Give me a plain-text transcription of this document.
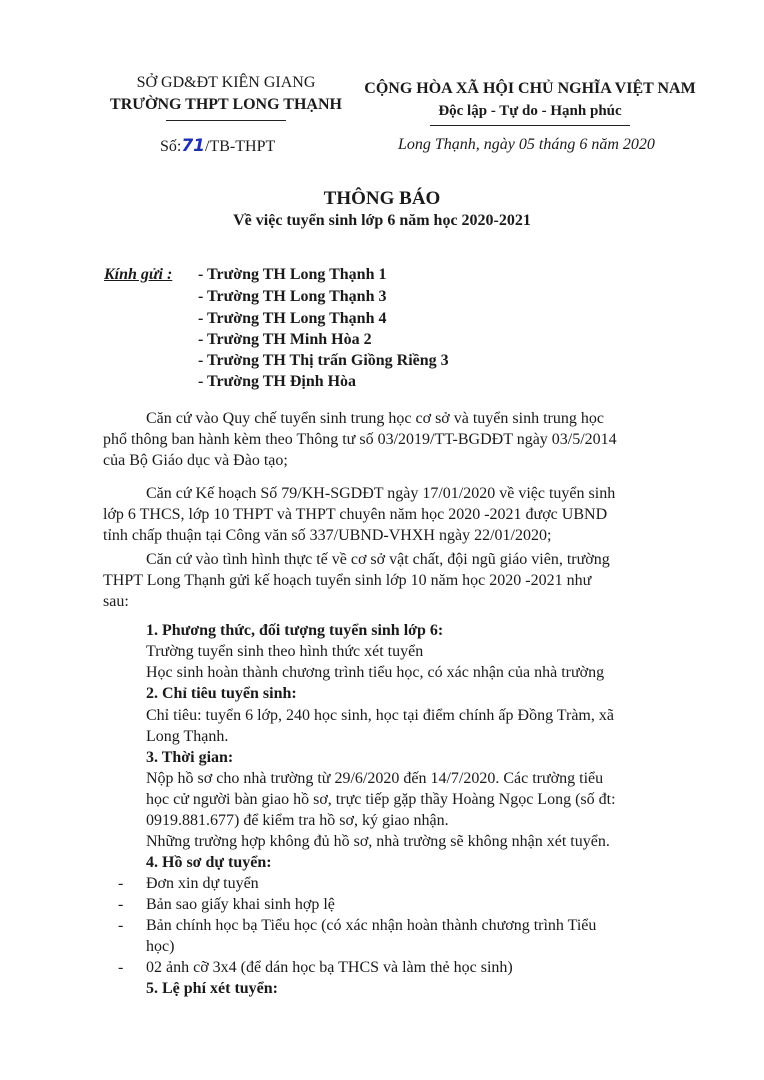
SỞ GD&ĐT KIÊN GIANG
TRƯỜNG THPT LONG THẠNH
Số:71/TB-THPT
CỘNG HÒA XÃ HỘI CHỦ NGHĨA VIỆT NAM
Độc lập - Tự do - Hạnh phúc
Long Thạnh, ngày 05 tháng 6 năm 2020
THÔNG BÁO
Về việc tuyển sinh lớp 6 năm học 2020-2021
Kính gửi : - Trường TH Long Thạnh 1
- Trường TH Long Thạnh 3
- Trường TH Long Thạnh 4
- Trường TH Minh Hòa 2
- Trường TH Thị trấn Giồng Riềng 3
- Trường TH Định Hòa
Căn cứ vào Quy chế tuyển sinh trung học cơ sở và tuyển sinh trung học
phổ thông ban hành kèm theo Thông tư số 03/2019/TT-BGDĐT ngày 03/5/2014
của Bộ Giáo dục và Đào tạo;
Căn cứ Kế hoạch Số 79/KH-SGDĐT ngày 17/01/2020 về việc tuyển sinh
lớp 6 THCS, lớp 10 THPT và THPT chuyên năm học 2020 -2021 được UBND
tỉnh chấp thuận tại Công văn số 337/UBND-VHXH ngày 22/01/2020;
Căn cứ vào tình hình thực tế về cơ sở vật chất, đội ngũ giáo viên, trường
THPT Long Thạnh gửi kế hoạch tuyển sinh lớp 10 năm học 2020 -2021 như
sau:
1. Phương thức, đối tượng tuyển sinh lớp 6:
Trường tuyển sinh theo hình thức xét tuyển
Học sinh hoàn thành chương trình tiểu học, có xác nhận của nhà trường
2. Chỉ tiêu tuyển sinh:
Chỉ tiêu: tuyển 6 lớp, 240 học sinh, học tại điểm chính ấp Đồng Tràm, xã
Long Thạnh.
3. Thời gian:
Nộp hồ sơ cho nhà trường từ 29/6/2020 đến 14/7/2020. Các trường tiểu
học cử người bàn giao hồ sơ, trực tiếp gặp thầy Hoàng Ngọc Long (số đt:
0919.881.677) để kiểm tra hồ sơ, ký giao nhận.
Những trường hợp không đủ hồ sơ, nhà trường sẽ không nhận xét tuyển.
4. Hồ sơ dự tuyển:
- Đơn xin dự tuyển
- Bản sao giấy khai sinh hợp lệ
- Bản chính học bạ Tiểu học (có xác nhận hoàn thành chương trình Tiểu
học)
- 02 ảnh cỡ 3x4 (để dán học bạ THCS và làm thẻ học sinh)
5. Lệ phí xét tuyển:
